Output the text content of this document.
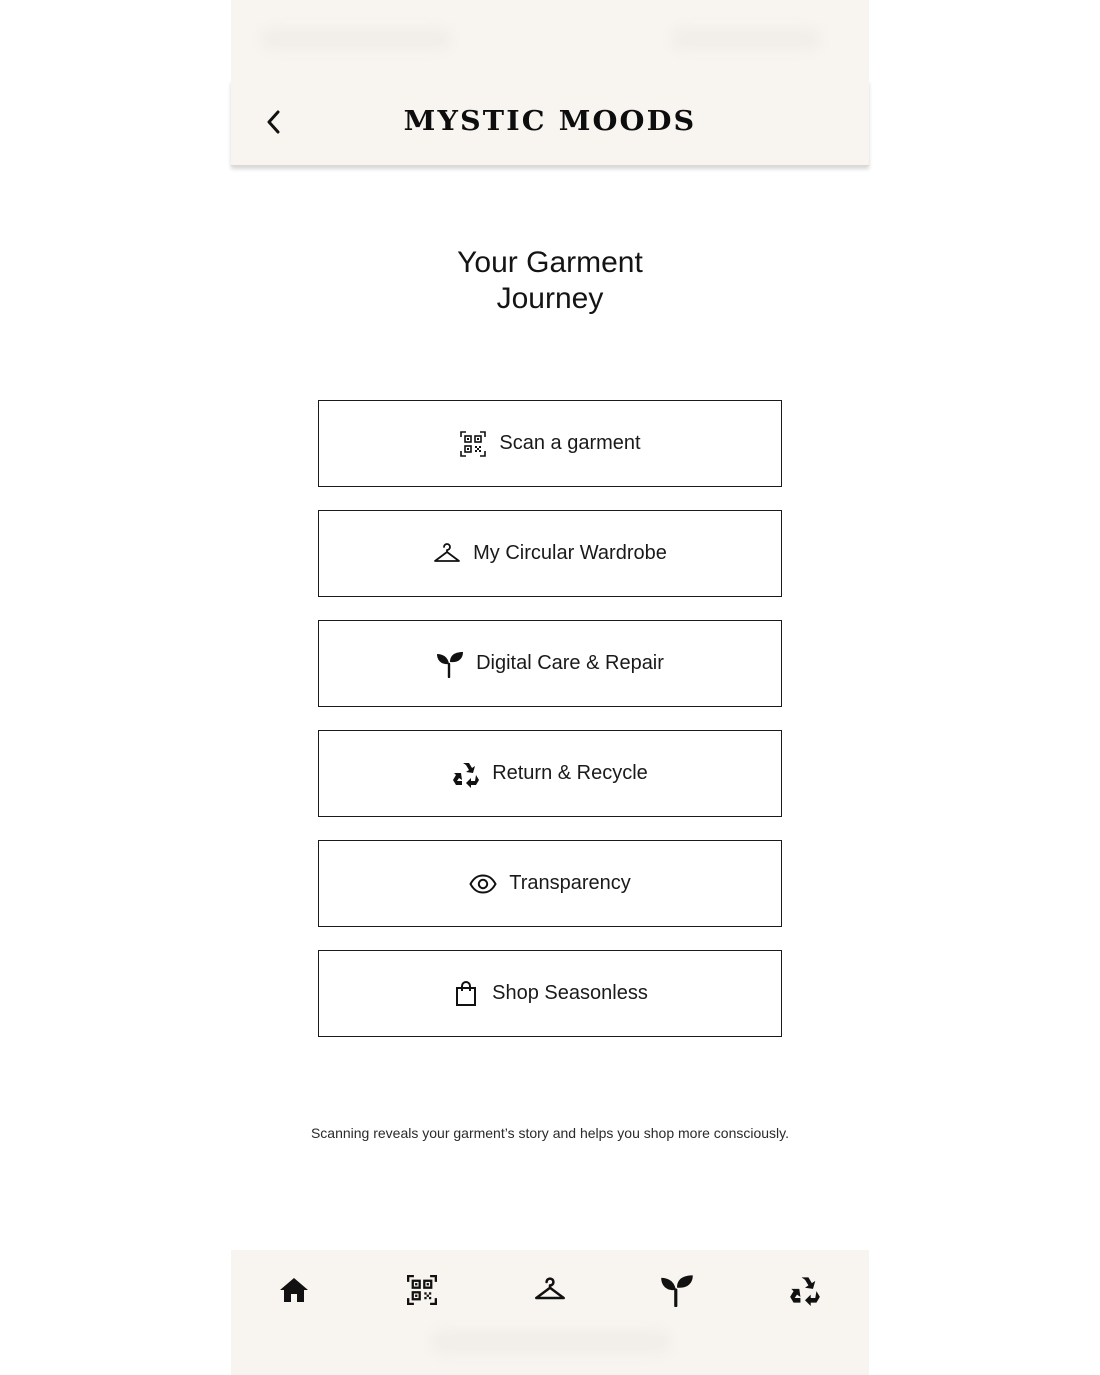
MYSTIC MOODS
Your Garment
Journey
Scan a garment
My Circular Wardrobe
Digital Care & Repair
Return & Recycle
Transparency
Shop Seasonless

Scanning reveals your garment’s story and helps you shop more consciously.
